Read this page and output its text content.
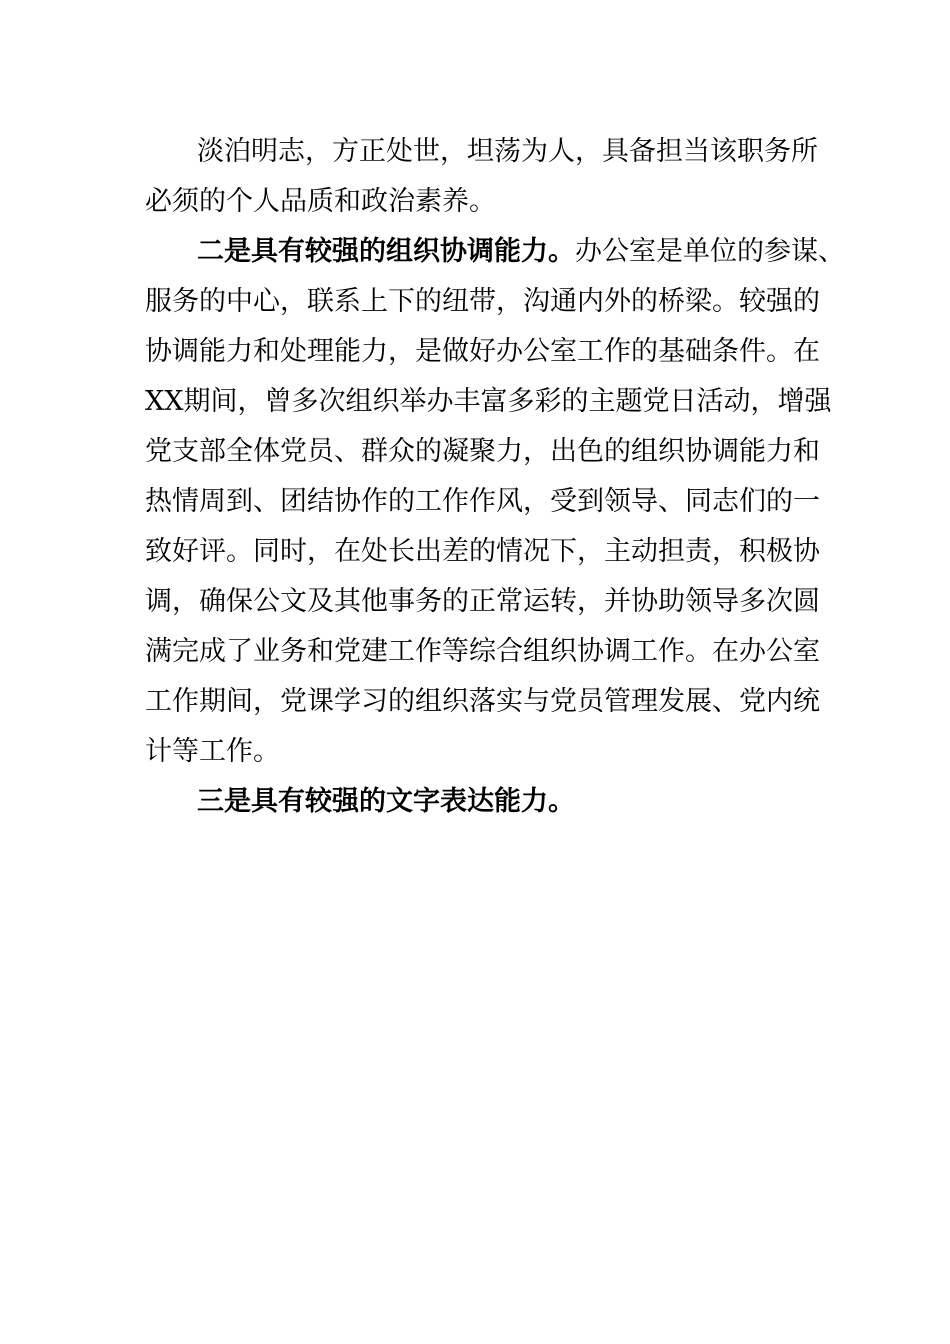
淡 泊 明 志 ， 方 正 处 世 ， 坦 荡 为 人 ， 具 备 担 当 该 职 务 所
必须的个人品质和政治素养。
二是具有较强的组织协调能力。办公室是单位的参谋、
服 务 的 中 心 ， 联 系 上 下 的 纽 带 ， 沟 通 内 外 的 桥 梁 。 较 强 的
协 调 能 力 和 处 理 能 力 ， 是 做 好 办 公 室 工 作 的 基 础 条 件 。 在
XX 期 间 ， 曾 多 次 组 织 举 办 丰 富 多 彩 的 主 题 党 日 活 动 ， 增 强
党 支 部 全 体 党 员 、 群 众 的 凝 聚 力 ， 出 色 的 组 织 协 调 能 力 和
热 情 周 到 、 团 结 协 作 的 工 作 作 风 ， 受 到 领 导 、 同 志 们 的 一
致 好 评 。 同 时 ， 在 处 长 出 差 的 情 况 下 ， 主 动 担 责 ， 积 极 协
调 ， 确 保 公 文 及 其 他 事 务 的 正 常 运 转 ， 并 协 助 领 导 多 次 圆
满 完 成 了 业 务 和 党 建 工 作 等 综 合 组 织 协 调 工 作 。 在 办 公 室
工 作 期 间 ， 党 课 学 习 的 组 织 落 实 与 党 员 管 理 发 展 、 党 内 统
计等工作。
三是具有较强的文字表达能力。
